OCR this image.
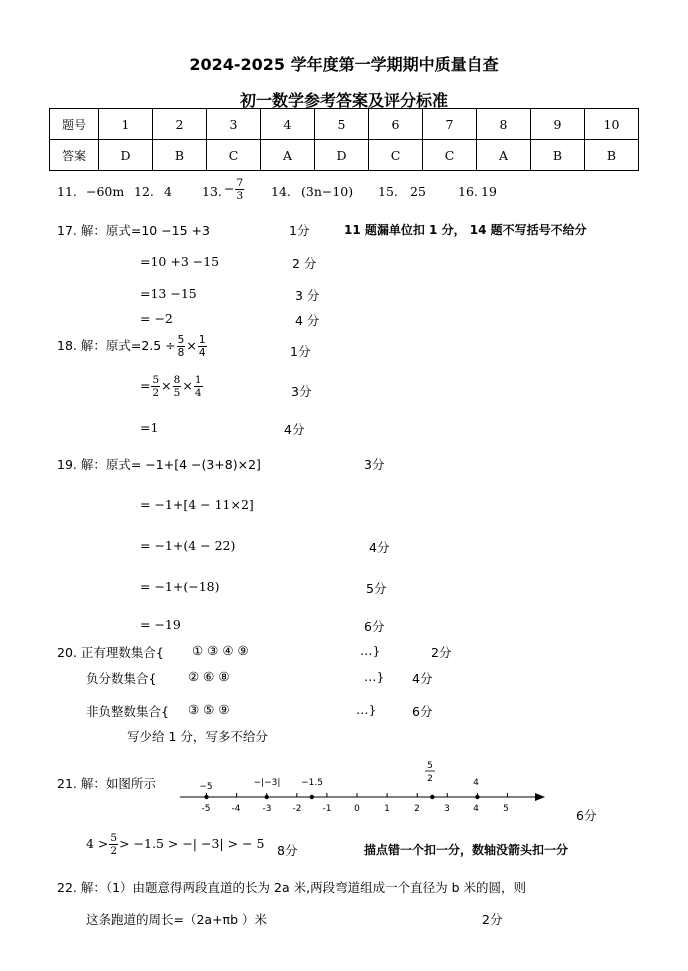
2024-2025 学年度第一学期期中质量自查
初一数学参考答案及评分标准
题号	1	2	3	4	5	6	7	8	9	10
答案	D	B	C	A	D	C	C	A	B	B
11. −60m 12. 4 13. − $\frac{7}{3} 14$. (3n−10) 15. 25	16. 19
17. 解：原式=10 −15 +3	1分	11 题漏单位扣 1 分， 14 题不写括号不给分
=10 +3 −15	2 分
=13 −15	3 分
= −2	4 分
18. 解：原式$=2.5 \div \frac{5}{8} \times \frac{1}{4}$	1分
= $\frac{5}{2} \times \frac{8}{5} \times \frac{1}{4}$	3分
=1	4分
19. 解：原式= −1+[4 −(3+8)×2]	3分
= −1+[4 − 11×2]
= −1+(4 − 22)	4分
= −1+(−18)	5分
= −19	6分
20. 正有理数集合{ ① ③ ④ ⑨	…}	2分
负分数集合{	② ⑥ ⑧	…} 4分
非负整数集合{ ③ ⑤ ⑨	…}	6分
写少给 1 分，写多不给分
21. 解：如图所示	−5	−|−3| −1.5
5
2	4
-5 -4 -3 -2 -1	0	1	2	3	4	5	6分
$4 > \frac{5}{2} > -1.5$ > −| −3| > − 5 8分	描点错一个扣一分，数轴没箭头扣一分
22. 解：（1）由题意得两段直道的长为 2a 米,两段弯道组成一个直径为 b 米的圆，则
这条跑道的周长=（2a+πb ）米	2分
